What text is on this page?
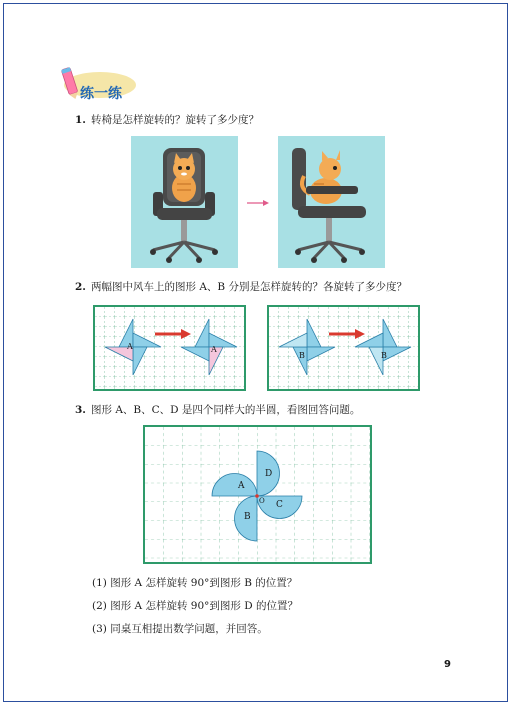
练一练
1. 转椅是怎样旋转的？旋转了多少度？
2. 两幅图中风车上的图形 A、B 分别是怎样旋转的？各旋转了多少度？
A	A
B	B
3. 图形 A、B、C、D 是四个同样大的半圆，看图回答问题。
A
B
C
D
O
(1) 图形 A 怎样旋转 90°到图形 B 的位置？
(2) 图形 A 怎样旋转 90°到图形 D 的位置？
(3) 同桌互相提出数学问题，并回答。
9
